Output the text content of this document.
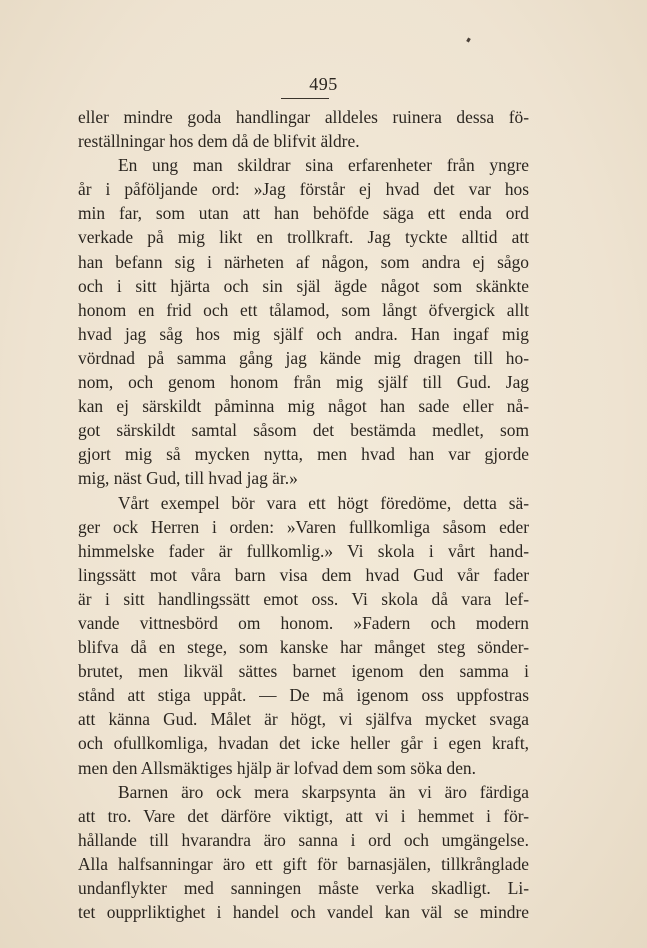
495
eller mindre goda handlingar alldeles ruinera dessa fö-
reställningar hos dem då de blifvit äldre.
En ung man skildrar sina erfarenheter från yngre
år i påföljande ord: »Jag förstår ej hvad det var hos
min far, som utan att han behöfde säga ett enda ord
verkade på mig likt en trollkraft. Jag tyckte alltid att
han befann sig i närheten af någon, som andra ej sågo
och i sitt hjärta och sin själ ägde något som skänkte
honom en frid och ett tålamod, som långt öfvergick allt
hvad jag såg hos mig själf och andra. Han ingaf mig
vördnad på samma gång jag kände mig dragen till ho-
nom, och genom honom från mig själf till Gud. Jag
kan ej särskildt påminna mig något han sade eller nå-
got särskildt samtal såsom det bestämda medlet, som
gjort mig så mycken nytta, men hvad han var gjorde
mig, näst Gud, till hvad jag är.»
Vårt exempel bör vara ett högt föredöme, detta sä-
ger ock Herren i orden: »Varen fullkomliga såsom eder
himmelske fader är fullkomlig.» Vi skola i vårt hand-
lingssätt mot våra barn visa dem hvad Gud vår fader
är i sitt handlingssätt emot oss. Vi skola då vara lef-
vande vittnesbörd om honom. »Fadern och modern
blifva då en stege, som kanske har månget steg sönder-
brutet, men likväl sättes barnet igenom den samma i
stånd att stiga uppåt. — De må igenom oss uppfostras
att känna Gud. Målet är högt, vi själfva mycket svaga
och ofullkomliga, hvadan det icke heller går i egen kraft,
men den Allsmäktiges hjälp är lofvad dem som söka den.
Barnen äro ock mera skarpsynta än vi äro färdiga
att tro. Vare det därföre viktigt, att vi i hemmet i för-
hållande till hvarandra äro sanna i ord och umgängelse.
Alla halfsanningar äro ett gift för barnasjälen, tillkrånglade
undanflykter med sanningen måste verka skadligt. Li-
tet oupprliktighet i handel och vandel kan väl se mindre
